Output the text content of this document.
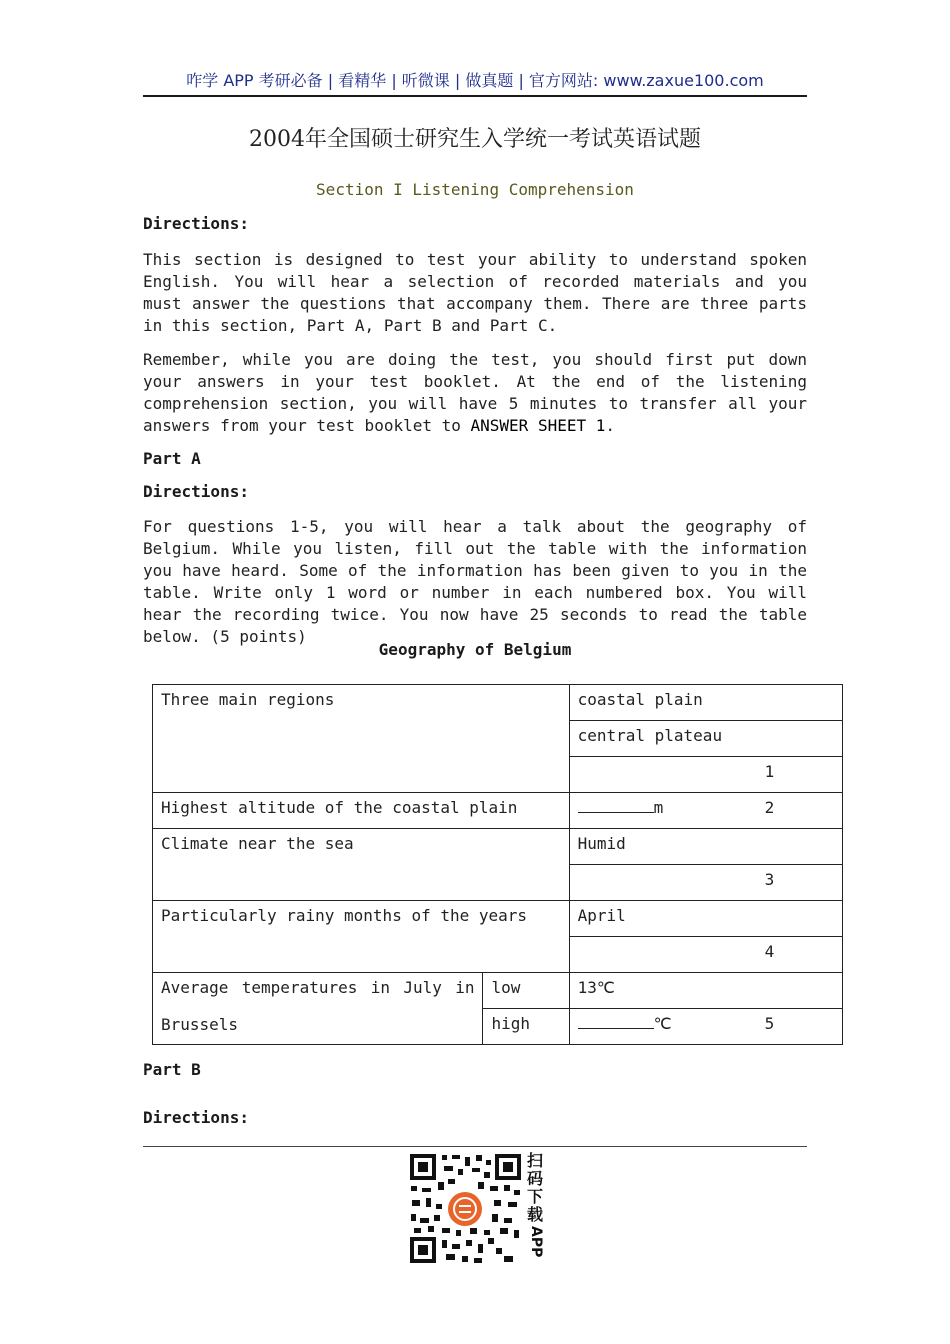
咋学 APP 考研必备 | 看精华 | 听微课 | 做真题 | 官方网站: www.zaxue100.com
2004年全国硕士研究生入学统一考试英语试题
Section I Listening Comprehension
Directions:
This section is designed to test your ability to understand spoken English. You will hear a selection of recorded materials and you must answer the questions that accompany them. There are three parts in this section, Part A, Part B and Part C.
Remember, while you are doing the test, you should first put down your answers in your test booklet. At the end of the listening comprehension section, you will have 5 minutes to transfer all your answers from your test booklet to ANSWER SHEET 1.
Part A
Directions:
For questions 1-5, you will hear a talk about the geography of Belgium. While you listen, fill out the table with the information you have heard. Some of the information has been given to you in the table. Write only 1 word or number in each numbered box. You will hear the recording twice. You now have 25 seconds to read the table below. (5 points)
Geography of Belgium
Three main regions		coastal plain
		central plateau

		1

Highest altitude of the coastal plain		m 2

Climate near the sea		Humid

		3

Particularly rainy months of the years		April

		4

Average temperatures in July in
Brussels	low	13℃
	high	℃ 5
Part B
Directions:
扫
码
下
载
APP
